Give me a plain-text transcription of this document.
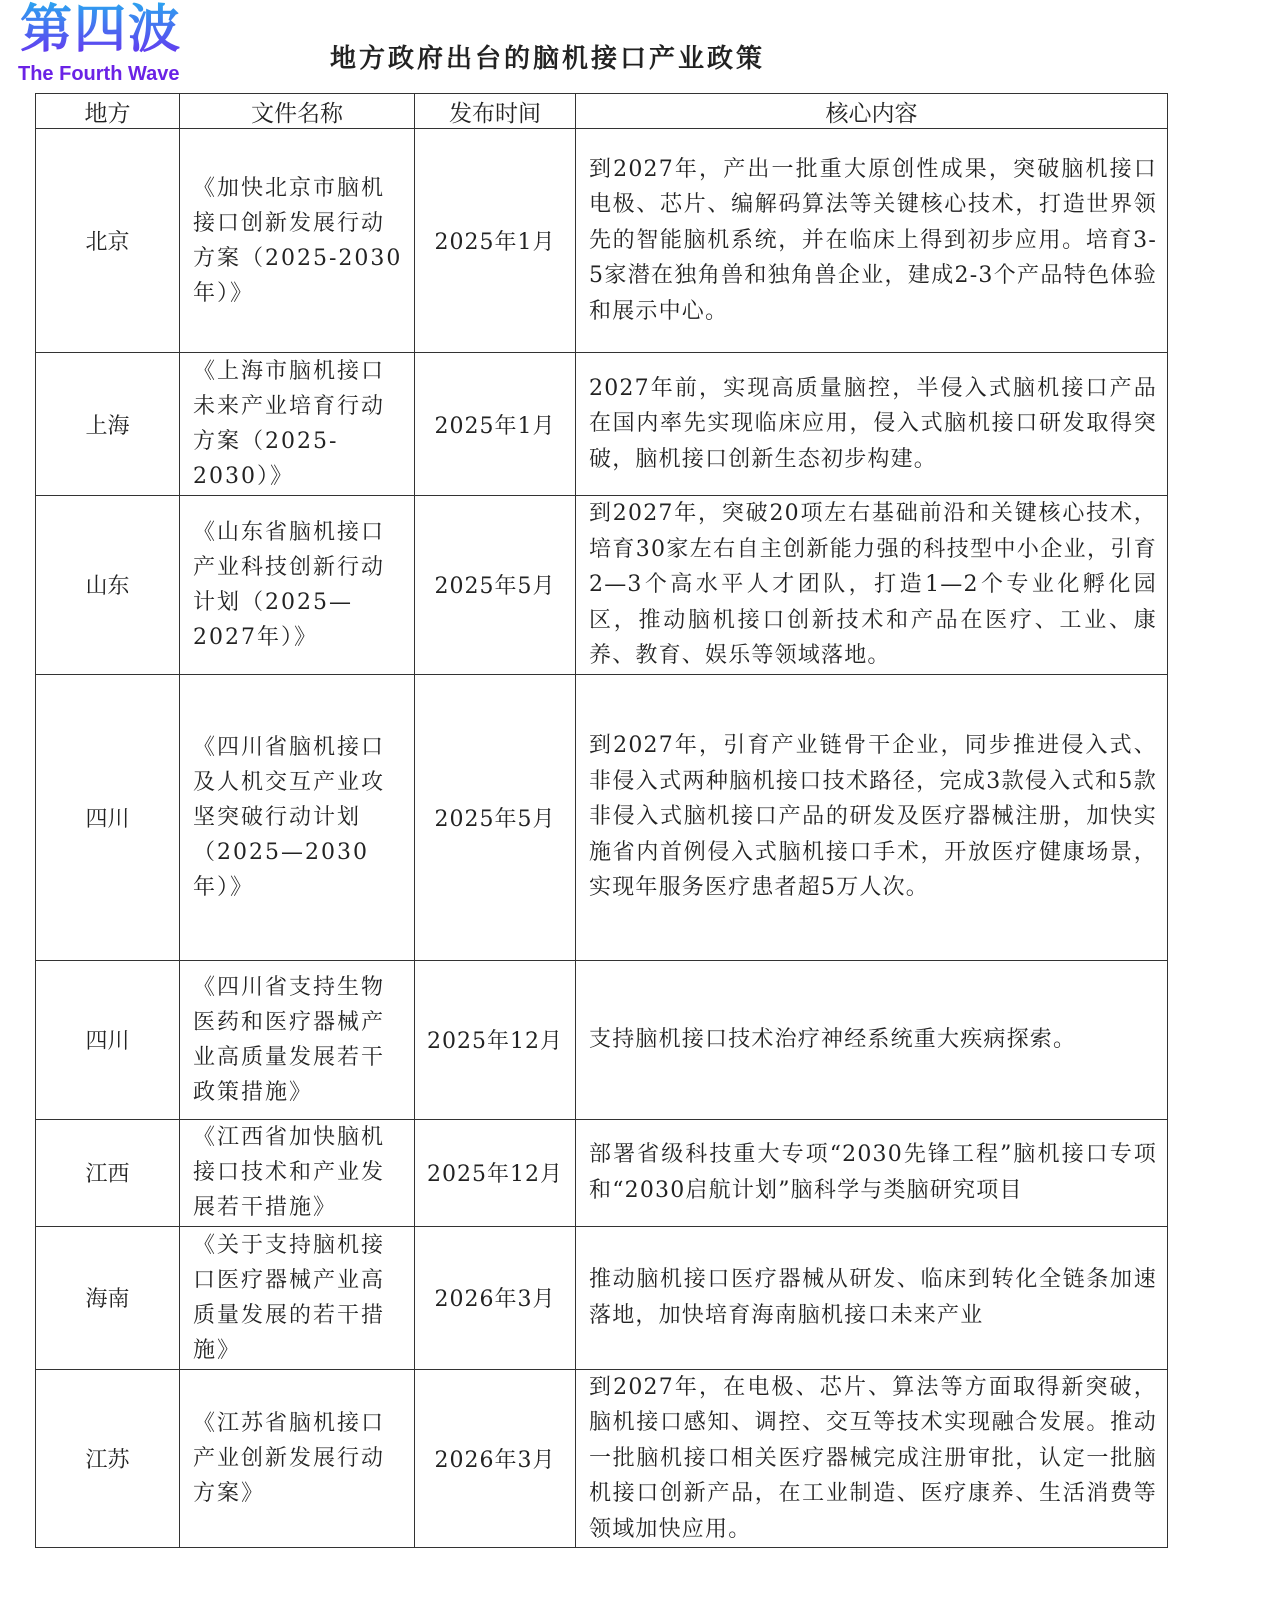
第四波
The Fourth Wave	地方政府出台的脑机接口产业政策
地方	文件名称	发布时间	核心内容
北京	《加快北京市脑机接口创新发展行动方案（2025-2030年）》	2025年1月	到2027年，产出一批重大原创性成果，突破脑机接口电极、芯片、编解码算法等关键核心技术，打造世界领先的智能脑机系统，并在临床上得到初步应用。培育3-5家潜在独角兽和独角兽企业，建成2-3个产品特色体验和展示中心。
上海	《上海市脑机接口未来产业培育行动方案（2025-2030）》	2025年1月	2027年前，实现高质量脑控，半侵入式脑机接口产品在国内率先实现临床应用，侵入式脑机接口研发取得突破，脑机接口创新生态初步构建。
山东	《山东省脑机接口产业科技创新行动计划（2025—2027年）》	2025年5月	到2027年，突破20项左右基础前沿和关键核心技术，培育30家左右自主创新能力强的科技型中小企业，引育2—3个高水平人才团队，打造1—2个专业化孵化园区，推动脑机接口创新技术和产品在医疗、工业、康养、教育、娱乐等领域落地。
四川	《四川省脑机接口及人机交互产业攻坚突破行动计划（2025—2030年）》	2025年5月	到2027年，引育产业链骨干企业，同步推进侵入式、非侵入式两种脑机接口技术路径，完成3款侵入式和5款非侵入式脑机接口产品的研发及医疗器械注册，加快实施省内首例侵入式脑机接口手术，开放医疗健康场景，实现年服务医疗患者超5万人次。
四川	《四川省支持生物医药和医疗器械产业高质量发展若干政策措施》	2025年12月	支持脑机接口技术治疗神经系统重大疾病探索。
江西	《江西省加快脑机接口技术和产业发展若干措施》	2025年12月	部署省级科技重大专项“2030先锋工程”脑机接口专项和“2030启航计划”脑科学与类脑研究项目
海南	《关于支持脑机接口医疗器械产业高质量发展的若干措施》	2026年3月	推动脑机接口医疗器械从研发、临床到转化全链条加速落地，加快培育海南脑机接口未来产业
江苏	《江苏省脑机接口产业创新发展行动方案》	2026年3月	到2027年，在电极、芯片、算法等方面取得新突破，脑机接口感知、调控、交互等技术实现融合发展。推动一批脑机接口相关医疗器械完成注册审批，认定一批脑机接口创新产品，在工业制造、医疗康养、生活消费等领域加快应用。
